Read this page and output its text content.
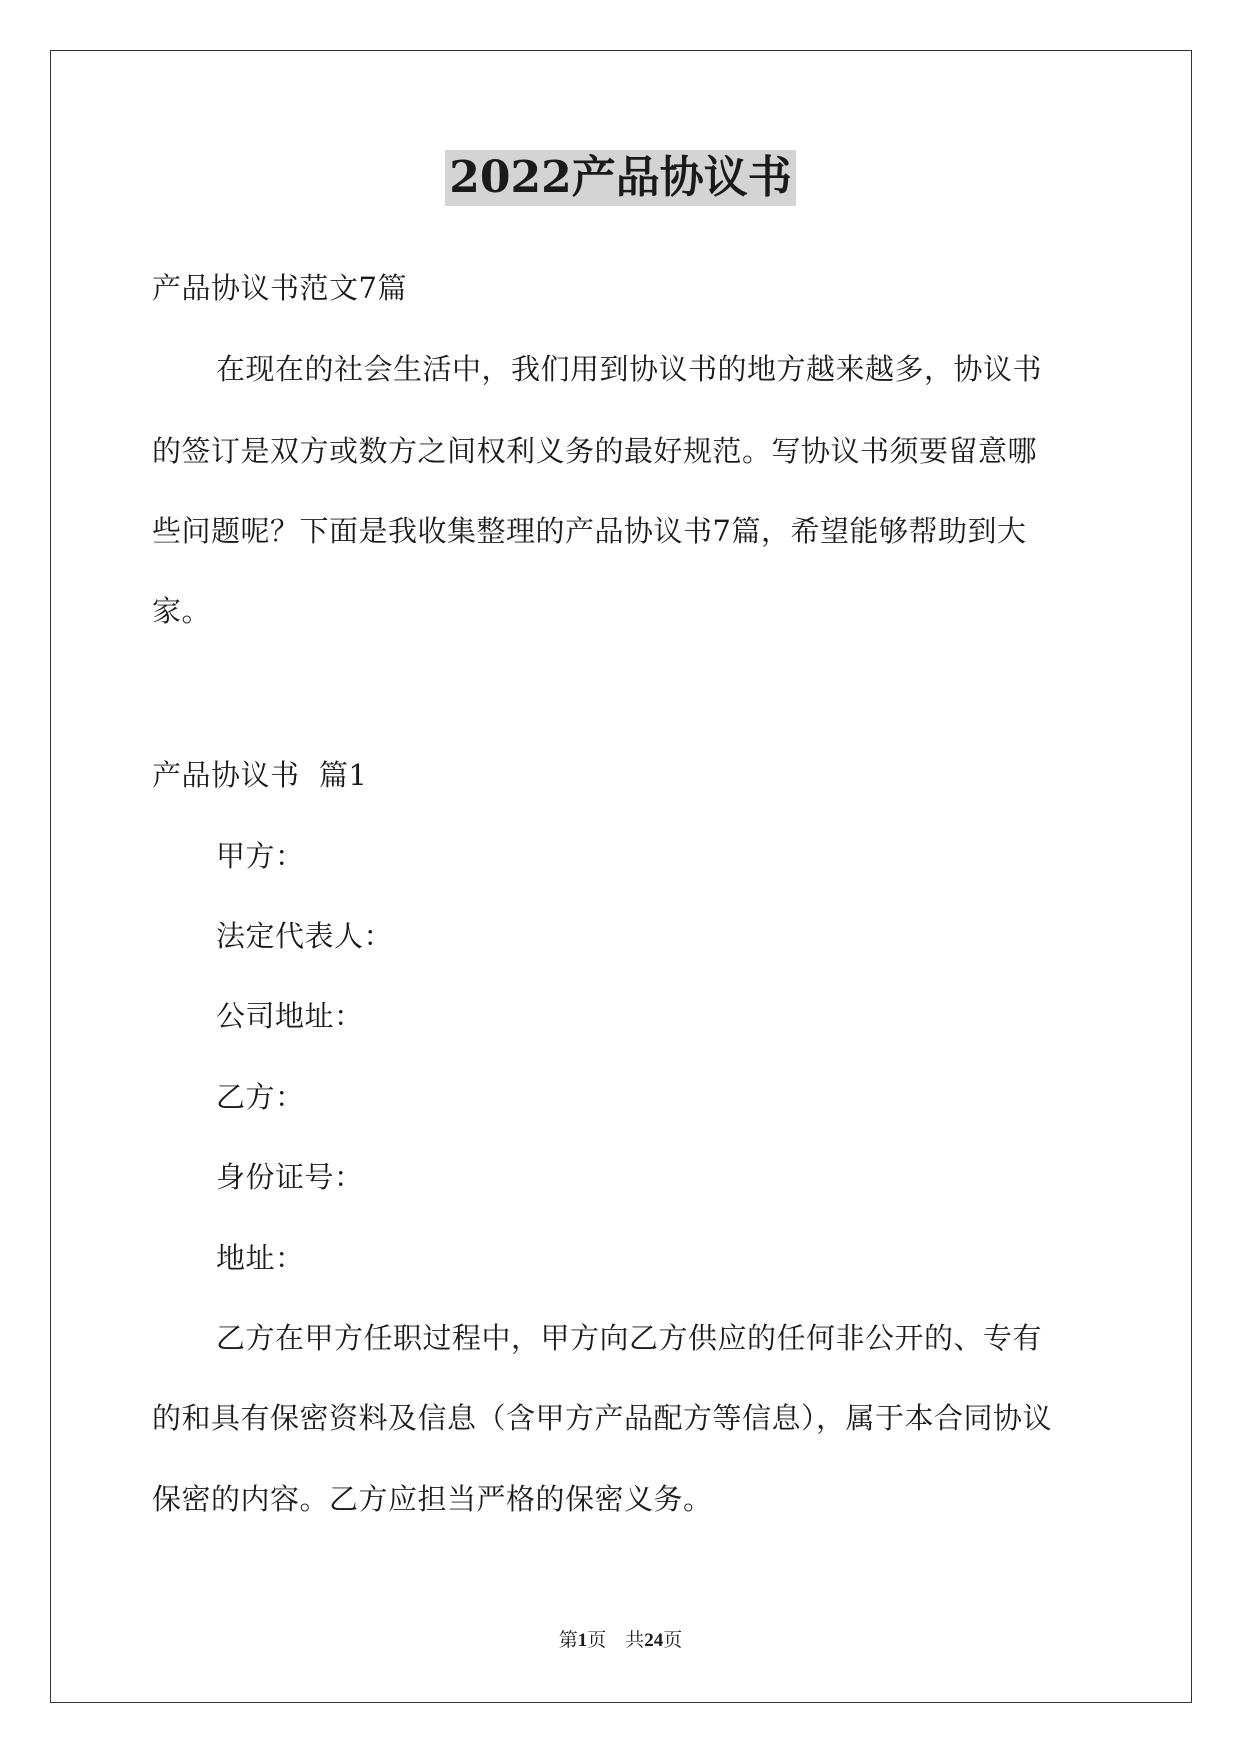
2022产品协议书
产品协议书范文7篇
在现在的社会生活中，我们用到协议书的地方越来越多，协议书
的签订是双方或数方之间权利义务的最好规范。写协议书须要留意哪
些问题呢？下面是我收集整理的产品协议书7篇，希望能够帮助到大
家。
产品协议书  篇1
甲方：
法定代表人：
公司地址：
乙方：
身份证号：
地址：
乙方在甲方任职过程中，甲方向乙方供应的任何非公开的、专有
的和具有保密资料及信息（含甲方产品配方等信息），属于本合同协议
保密的内容。乙方应担当严格的保密义务。
第1页 共24页
